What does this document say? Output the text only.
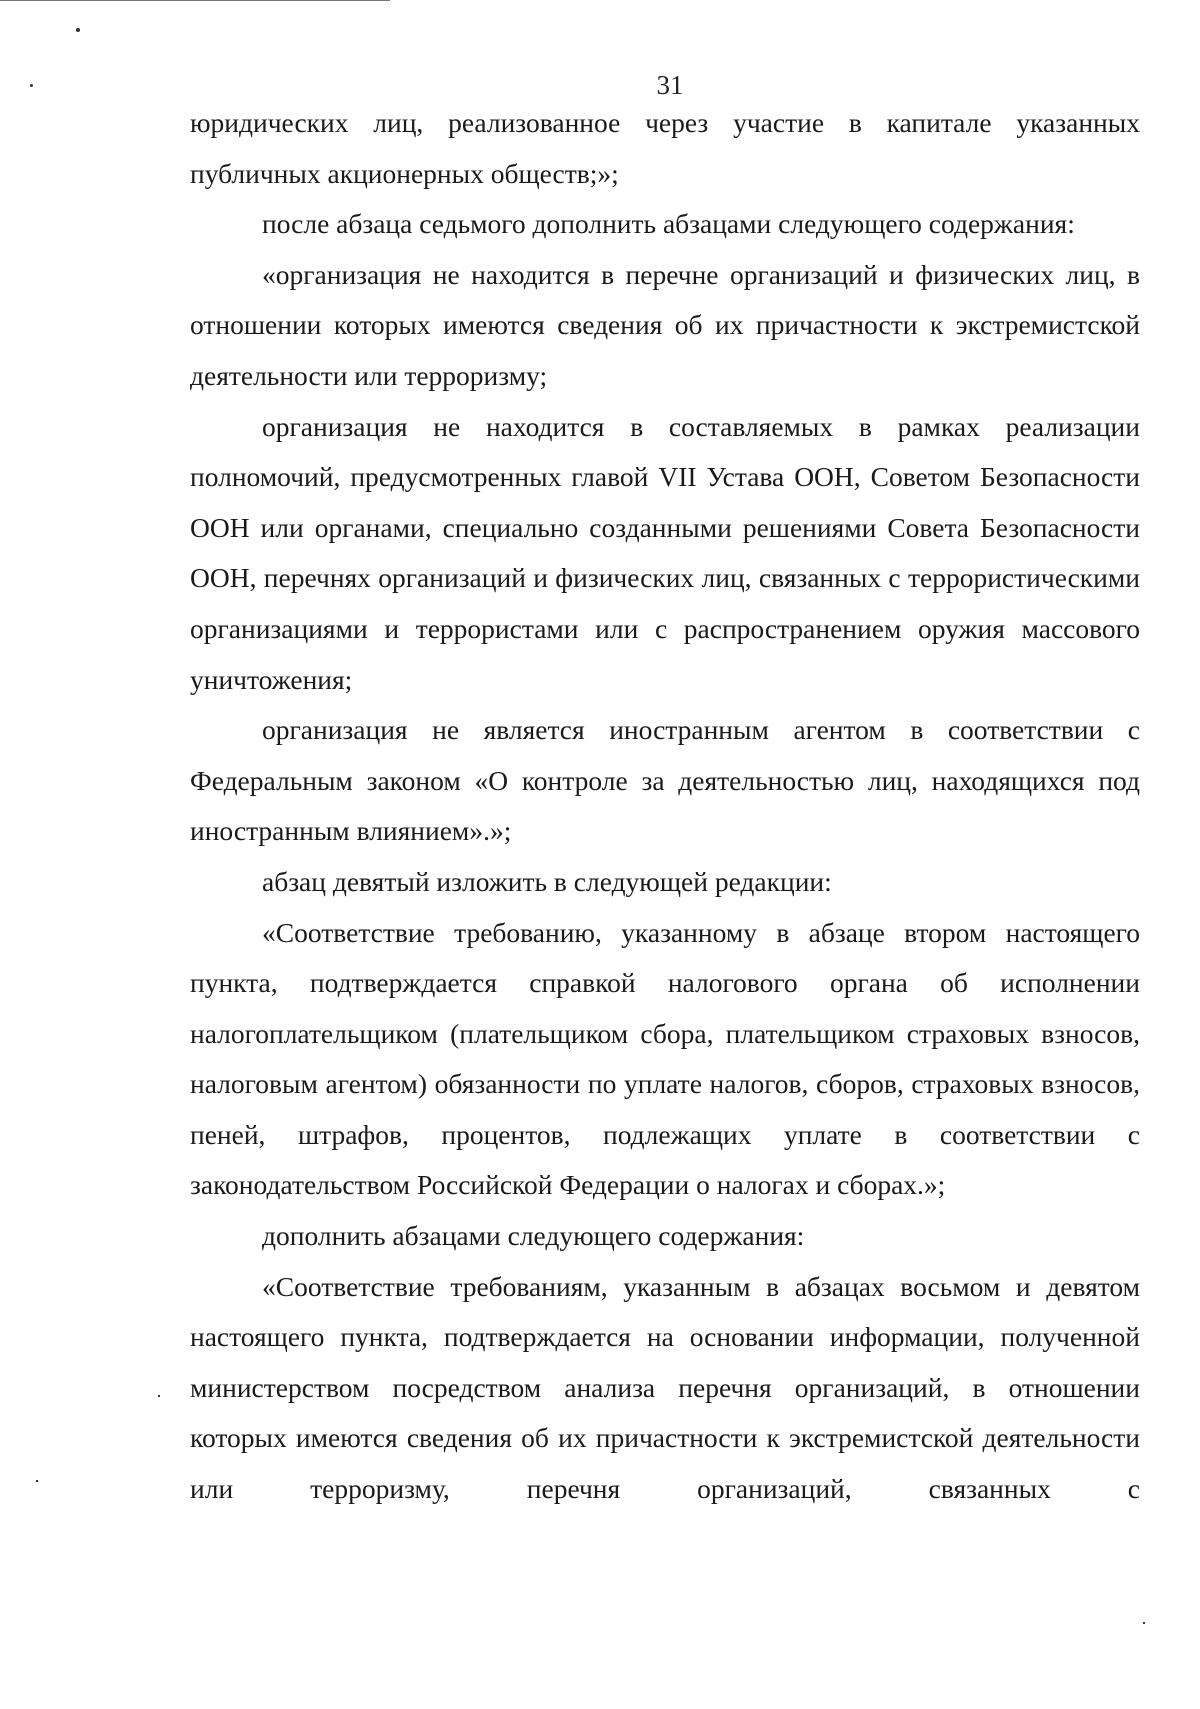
31

юридических лиц, реализованное через участие в капитале указанных публичных акционерных обществ;»;

после абзаца седьмого дополнить абзацами следующего содержания:

«организация не находится в перечне организаций и физических лиц, в отношении которых имеются сведения об их причастности к экстремистской деятельности или терроризму;

организация не находится в составляемых в рамках реализации полномочий, предусмотренных главой VII Устава ООН, Советом Безопасности ООН или органами, специально созданными решениями Совета Безопасности ООН, перечнях организаций и физических лиц, связанных с террористическими организациями и террористами или с распространением оружия массового уничтожения;

организация не является иностранным агентом в соответствии с Федеральным законом «О контроле за деятельностью лиц, находящихся под иностранным влиянием».»;

абзац девятый изложить в следующей редакции:

«Соответствие требованию, указанному в абзаце втором настоящего пункта, подтверждается справкой налогового органа об исполнении налогоплательщиком (плательщиком сбора, плательщиком страховых взносов, налоговым агентом) обязанности по уплате налогов, сборов, страховых взносов, пеней, штрафов, процентов, подлежащих уплате в соответствии с законодательством Российской Федерации о налогах и сборах.»;

дополнить абзацами следующего содержания:

«Соответствие требованиям, указанным в абзацах восьмом и девятом настоящего пункта, подтверждается на основании информации, полученной министерством посредством анализа перечня организаций, в отношении которых имеются сведения об их причастности к экстремистской деятельности или терроризму, перечня организаций, связанных с
